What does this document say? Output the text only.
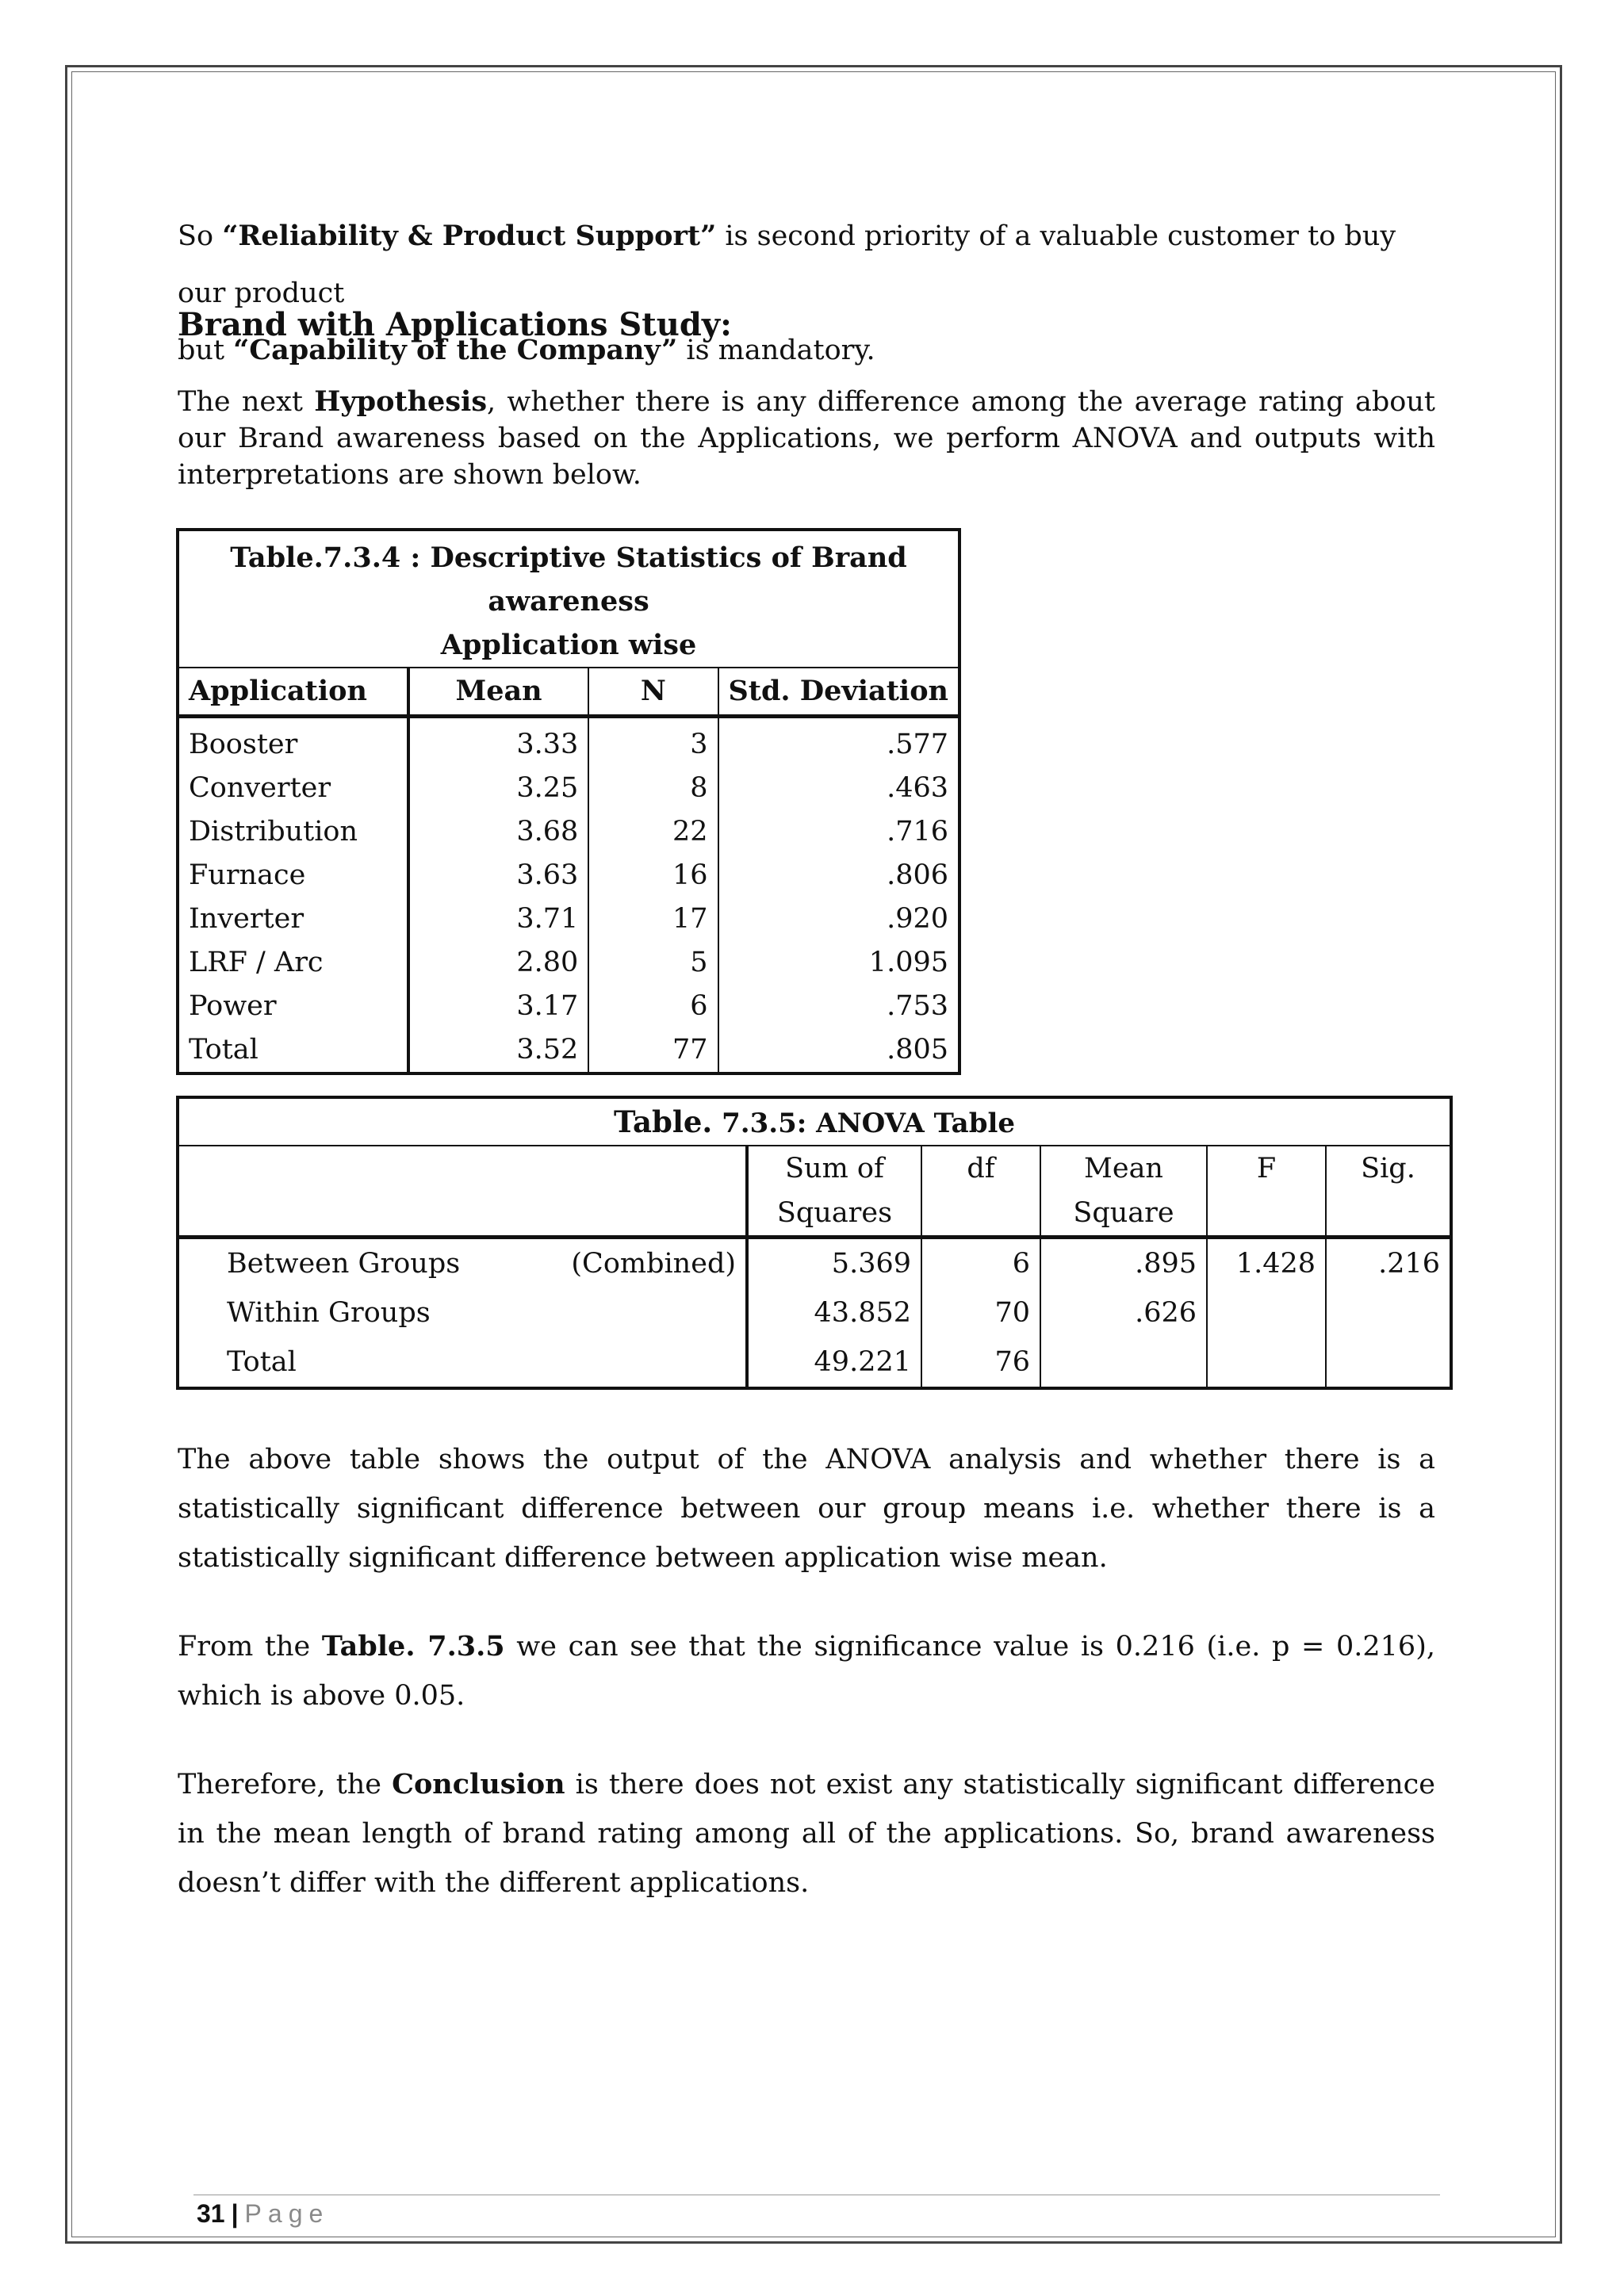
So “Reliability & Product Support” is second priority of a valuable customer to buy our product
but “Capability of the Company” is mandatory.

Brand with Applications Study:

The next Hypothesis, whether there is any difference among the average rating about our Brand awareness based on the Applications, we perform ANOVA and outputs with interpretations are shown below.

Table.7.3.4 : Descriptive Statistics of Brand awareness
Application wise			
Application	Mean	N	Std. Deviation
Booster	3.33	3	.577
Converter	3.25	8	.463
Distribution	3.68	22	.716
Furnace	3.63	16	.806
Inverter	3.71	17	.920
LRF / Arc	2.80	5	1.095
Power	3.17	6	.753
Total	3.52	77	.805
Table. 7.3.5: ANOVA Table						
		Sum of Squares	df	Mean Square	F	Sig.
Between Groups	(Combined)	5.369	6	.895	1.428	.216
Within Groups		43.852	70	.626		
Total		49.221	76			

The above table shows the output of the ANOVA analysis and whether there is a statistically significant difference between our group means i.e. whether there is a statistically significant difference between application wise mean.

From the Table. 7.3.5 we can see that the significance value is 0.216 (i.e. p = 0.216), which is above 0.05.

Therefore, the Conclusion is there does not exist any statistically significant difference in the mean length of brand rating among all of the applications. So, brand awareness doesn’t differ with the different applications.

31 | Page
